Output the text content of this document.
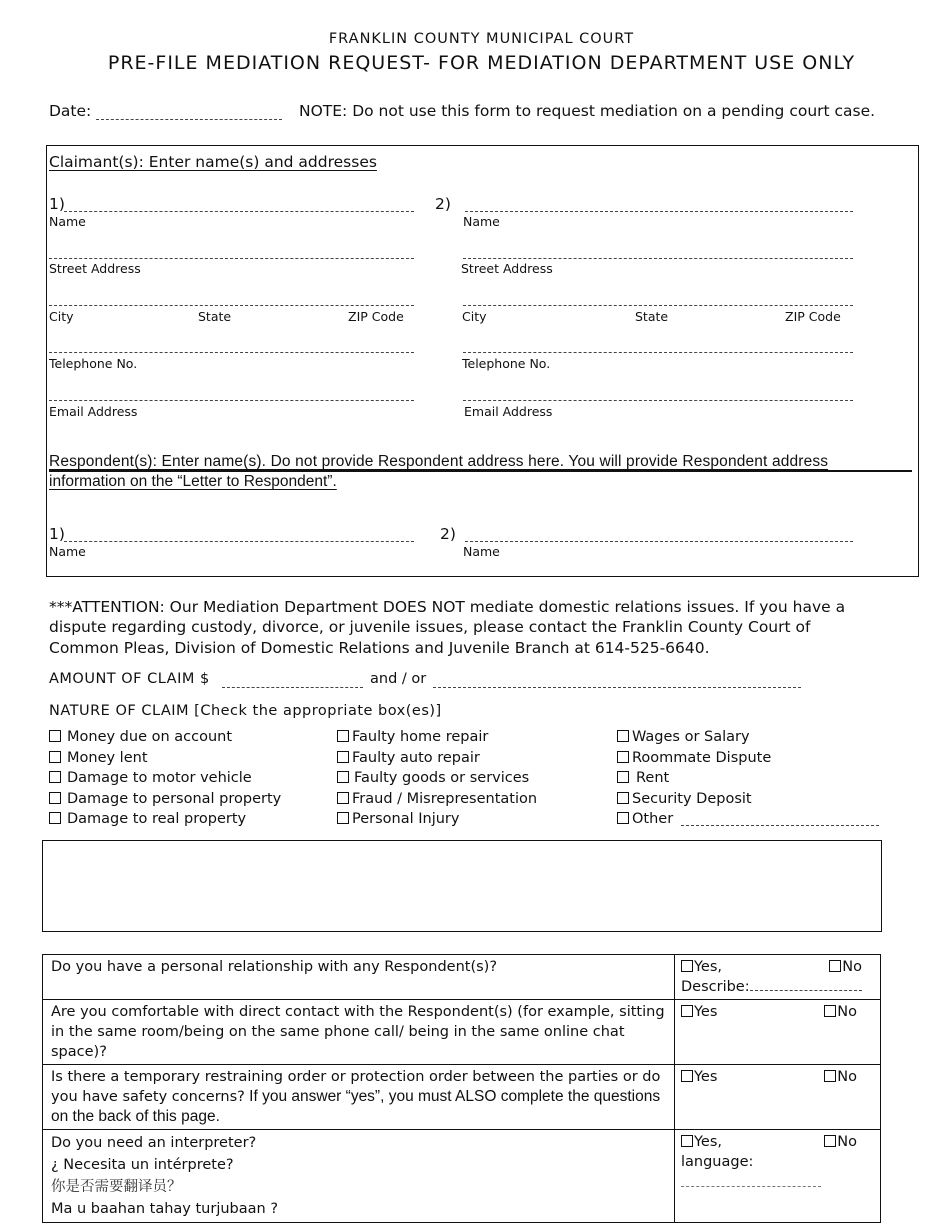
FRANKLIN COUNTY MUNICIPAL COURT
PRE-FILE MEDIATION REQUEST- FOR MEDIATION DEPARTMENT USE ONLY
Date:	NOTE: Do not use this form to request mediation on a pending court case.
Claimant(s): Enter name(s) and addresses
1)
Name
Street Address
City	State	ZIP Code
Telephone No.
Email Address
2)
Name
Street Address
City	State	ZIP Code
Telephone No.
Email Address
Respondent(s): Enter name(s). Do not provide Respondent address here. You will provide Respondent address
information on the “Letter to Respondent”.
1)
Name
2)
Name
***ATTENTION: Our Mediation Department DOES NOT mediate domestic relations issues. If you have a
dispute regarding custody, divorce, or juvenile issues, please contact the Franklin County Court of
Common Pleas, Division of Domestic Relations and Juvenile Branch at 614-525-6640.
AMOUNT OF CLAIM $	and / or
NATURE OF CLAIM [Check the appropriate box(es)]
Money due on account
Money lent
Damage to motor vehicle
Damage to personal property
Damage to real property
Faulty home repair
Faulty auto repair
Faulty goods or services
Fraud / Misrepresentation
Personal Injury
Wages or Salary
Roommate Dispute
Rent
Security Deposit
Other
Do you have a personal relationship with any Respondent(s)?	Yes, No
Describe:

Are you comfortable with direct contact with the Respondent(s) (for example, sitting in the same room/being on the same phone call/ being in the same online chat space)?	Yes No

Is there a temporary restraining order or protection order between the parties or do you have safety concerns? If you answer “yes”, you must ALSO complete the questions on the back of this page.	Yes No

Do you need an interpreter?
¿ Necesita un intérprete?
你是否需要翻译员？
Ma u baahan tahay turjubaan ?

Yes,	No
language:
